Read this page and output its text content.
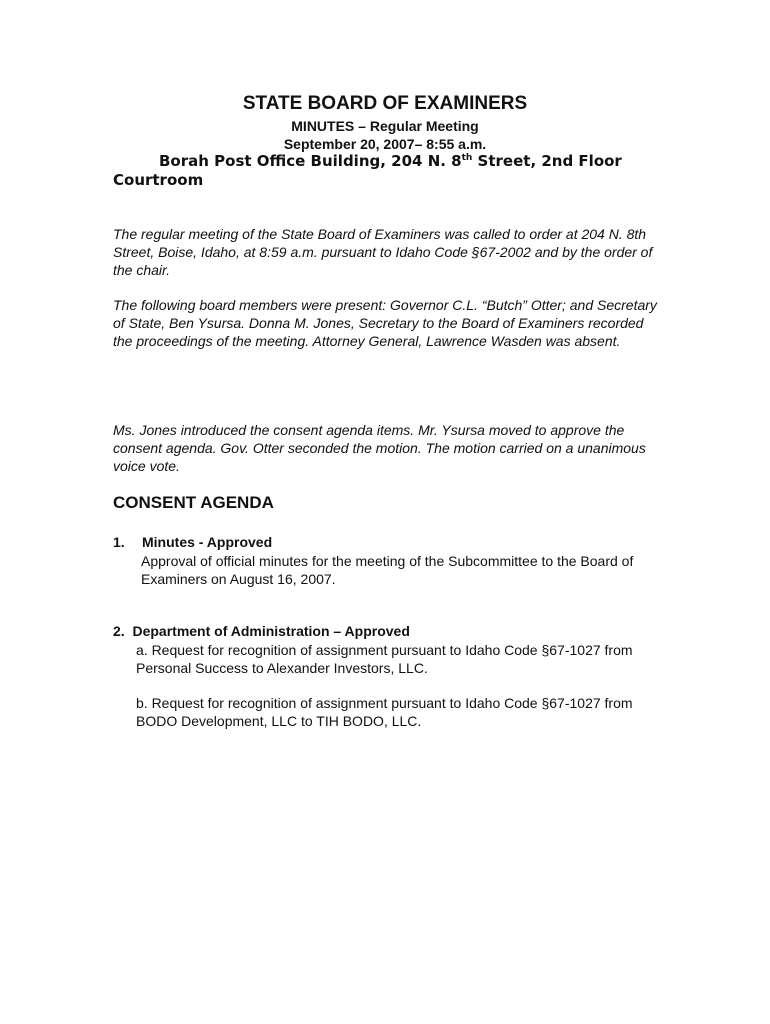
STATE BOARD OF EXAMINERS
MINUTES – Regular Meeting
September 20, 2007– 8:55 a.m.
Borah Post Office Building, 204 N. 8th Street, 2nd Floor Courtroom
The regular meeting of the State Board of Examiners was called to order at 204 N. 8th Street, Boise, Idaho, at 8:59 a.m. pursuant to Idaho Code §67-2002 and by the order of the chair.
The following board members were present: Governor C.L. “Butch” Otter; and Secretary of State, Ben Ysursa. Donna M. Jones, Secretary to the Board of Examiners recorded the proceedings of the meeting. Attorney General, Lawrence Wasden was absent.
Ms. Jones introduced the consent agenda items. Mr. Ysursa moved to approve the consent agenda. Gov. Otter seconded the motion. The motion carried on a unanimous voice vote.
CONSENT AGENDA
1. Minutes - Approved
Approval of official minutes for the meeting of the Subcommittee to the Board of Examiners on August 16, 2007.
2. Department of Administration – Approved
a. Request for recognition of assignment pursuant to Idaho Code §67-1027 from Personal Success to Alexander Investors, LLC.
b. Request for recognition of assignment pursuant to Idaho Code §67-1027 from BODO Development, LLC to TIH BODO, LLC.
